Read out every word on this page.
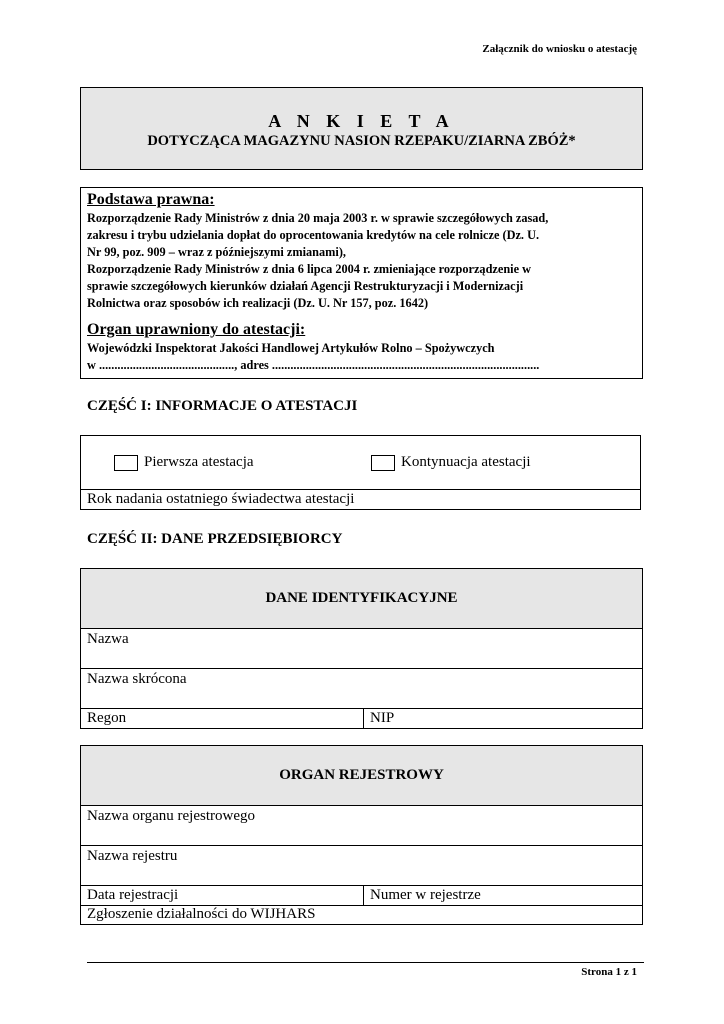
Załącznik do wniosku o atestację
A N K I E T A
DOTYCZĄCA MAGAZYNU NASION RZEPAKU/ZIARNA ZBÓŻ*
Podstawa prawna:
Rozporządzenie Rady Ministrów z dnia 20 maja 2003 r. w sprawie szczegółowych zasad,
zakresu i trybu udzielania dopłat do oprocentowania kredytów na cele rolnicze (Dz. U.
Nr 99, poz. 909 – wraz z późniejszymi zmianami),
Rozporządzenie Rady Ministrów z dnia 6 lipca 2004 r. zmieniające rozporządzenie w
sprawie szczegółowych kierunków działań Agencji Restrukturyzacji i Modernizacji
Rolnictwa oraz sposobów ich realizacji (Dz. U. Nr 157, poz. 1642)
Organ uprawniony do atestacji:
Wojewódzki Inspektorat Jakości Handlowej Artykułów Rolno – Spożywczych
w ............................................, adres .......................................................................................
CZĘŚĆ I: INFORMACJE O ATESTACJI
Pierwsza atestacja	Kontynuacja atestacji
Rok nadania ostatniego świadectwa atestacji
CZĘŚĆ II: DANE PRZEDSIĘBIORCY
DANE IDENTYFIKACYJNE
Nazwa
Nazwa skrócona
Regon	NIP
ORGAN REJESTROWY
Nazwa organu rejestrowego
Nazwa rejestru
Data rejestracji	Numer w rejestrze
Zgłoszenie działalności do WIJHARS
Strona 1 z 1
